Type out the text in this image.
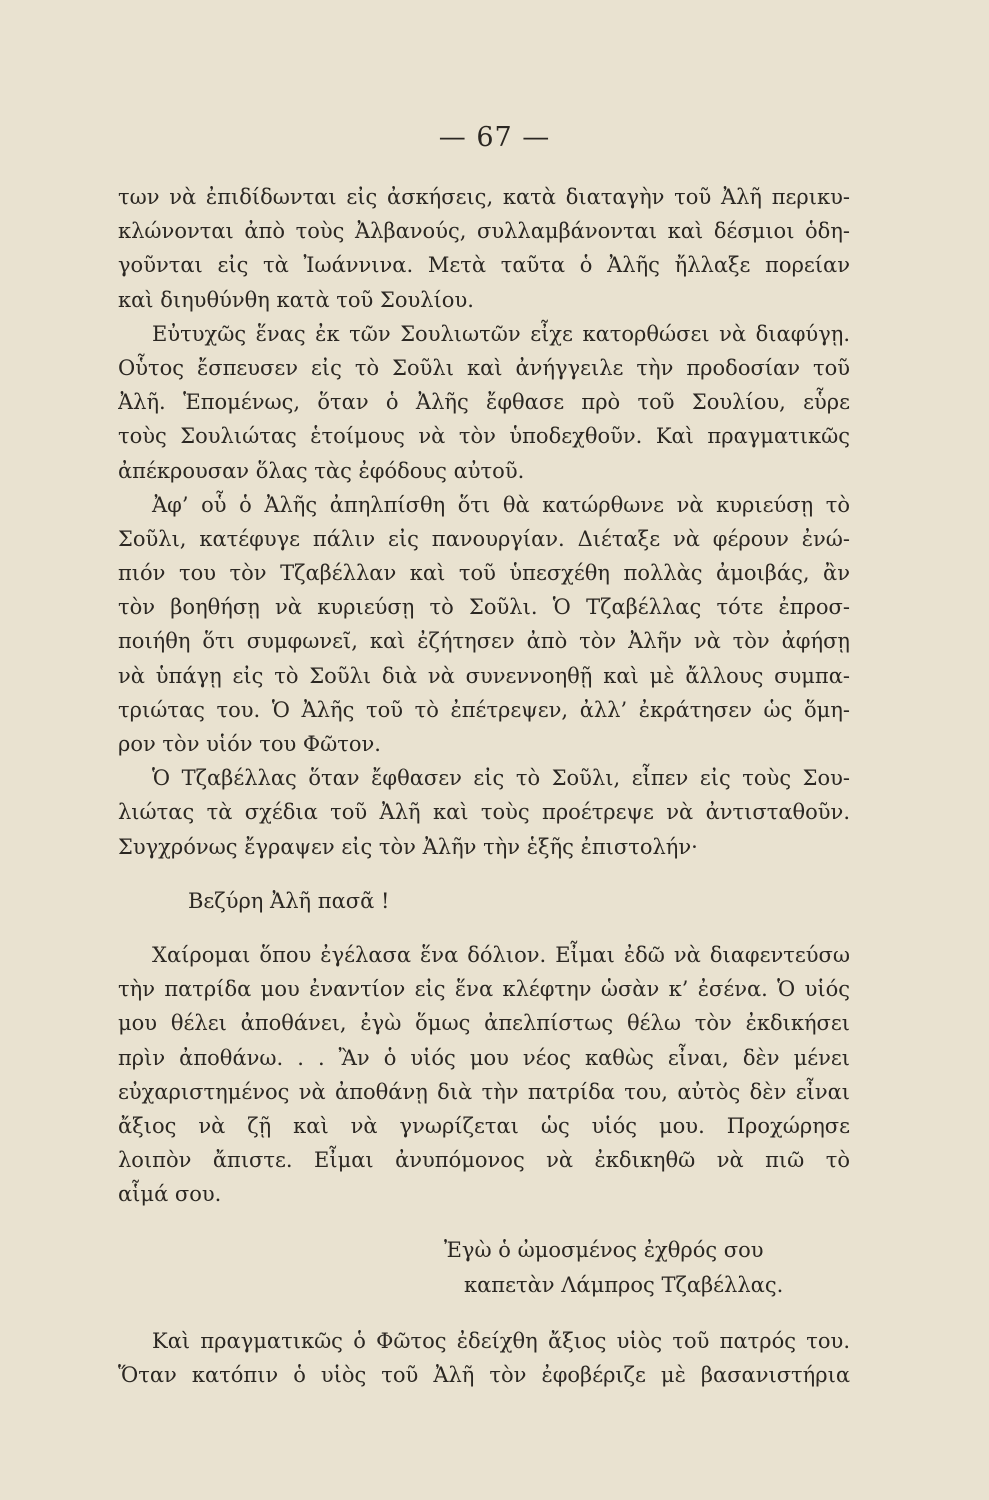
— 67 —
των νὰ ἐπιδίδωνται εἰς ἀσκήσεις, κατὰ διαταγὴν τοῦ Ἀλῆ περικυ-
κλώνονται ἀπὸ τοὺς Ἀλβανούς, συλλαμβάνονται καὶ δέσμιοι ὁδη-
γοῦνται εἰς τὰ Ἰωάννινα. Μετὰ ταῦτα ὁ Ἀλῆς ἤλλαξε πορείαν
καὶ διηυθύνθη κατὰ τοῦ Σουλίου.
Εὐτυχῶς ἕνας ἐκ τῶν Σουλιωτῶν εἶχε κατορθώσει νὰ διαφύγῃ.
Οὗτος ἔσπευσεν εἰς τὸ Σοῦλι καὶ ἀνήγγειλε τὴν προδοσίαν τοῦ
Ἀλῆ. Ἑπομένως, ὅταν ὁ Ἀλῆς ἔφθασε πρὸ τοῦ Σουλίου, εὗρε
τοὺς Σουλιώτας ἑτοίμους νὰ τὸν ὑποδεχθοῦν. Καὶ πραγματικῶς
ἀπέκρουσαν ὅλας τὰς ἐφόδους αὐτοῦ.
Ἀφ’ οὗ ὁ Ἀλῆς ἀπηλπίσθη ὅτι θὰ κατώρθωνε νὰ κυριεύσῃ τὸ
Σοῦλι, κατέφυγε πάλιν εἰς πανουργίαν. Διέταξε νὰ φέρουν ἐνώ-
πιόν του τὸν Τζαβέλλαν καὶ τοῦ ὑπεσχέθη πολλὰς ἀμοιβάς, ἂν
τὸν βοηθήσῃ νὰ κυριεύσῃ τὸ Σοῦλι. Ὁ Τζαβέλλας τότε ἐπροσ-
ποιήθη ὅτι συμφωνεῖ, καὶ ἐζήτησεν ἀπὸ τὸν Ἀλῆν νὰ τὸν ἀφήσῃ
νὰ ὑπάγῃ εἰς τὸ Σοῦλι διὰ νὰ συνεννοηθῇ καὶ μὲ ἄλλους συμπα-
τριώτας του. Ὁ Ἀλῆς τοῦ τὸ ἐπέτρεψεν, ἀλλ’ ἐκράτησεν ὡς ὅμη-
ρον τὸν υἱόν του Φῶτον.
Ὁ Τζαβέλλας ὅταν ἔφθασεν εἰς τὸ Σοῦλι, εἶπεν εἰς τοὺς Σου-
λιώτας τὰ σχέδια τοῦ Ἀλῆ καὶ τοὺς προέτρεψε νὰ ἀντισταθοῦν.
Συγχρόνως ἔγραψεν εἰς τὸν Ἀλῆν τὴν ἑξῆς ἐπιστολήν·
Βεζύρη Ἀλῆ πασᾶ !
Χαίρομαι ὅπου ἐγέλασα ἕνα δόλιον. Εἶμαι ἐδῶ νὰ διαφεντεύσω
τὴν πατρίδα μου ἐναντίον εἰς ἕνα κλέφτην ὡσὰν κ’ ἐσένα. Ὁ υἱός
μου θέλει ἀποθάνει, ἐγὼ ὅμως ἀπελπίστως θέλω τὸν ἐκδικήσει
πρὶν ἀποθάνω. . . Ἂν ὁ υἱός μου νέος καθὼς εἶναι, δὲν μένει
εὐχαριστημένος νὰ ἀποθάνῃ διὰ τὴν πατρίδα του, αὐτὸς δὲν εἶναι
ἄξιος νὰ ζῇ καὶ νὰ γνωρίζεται ὡς υἱός μου. Προχώρησε
λοιπὸν ἄπιστε. Εἶμαι ἀνυπόμονος νὰ ἐκδικηθῶ νὰ πιῶ τὸ
αἷμά σου.
Ἐγὼ ὁ ὠμοσμένος ἐχθρός σου
καπετὰν Λάμπρος Τζαβέλλας.
Καὶ πραγματικῶς ὁ Φῶτος ἐδείχθη ἄξιος υἱὸς τοῦ πατρός του.
Ὅταν κατόπιν ὁ υἱὸς τοῦ Ἀλῆ τὸν ἐφοβέριζε μὲ βασανιστήρια
